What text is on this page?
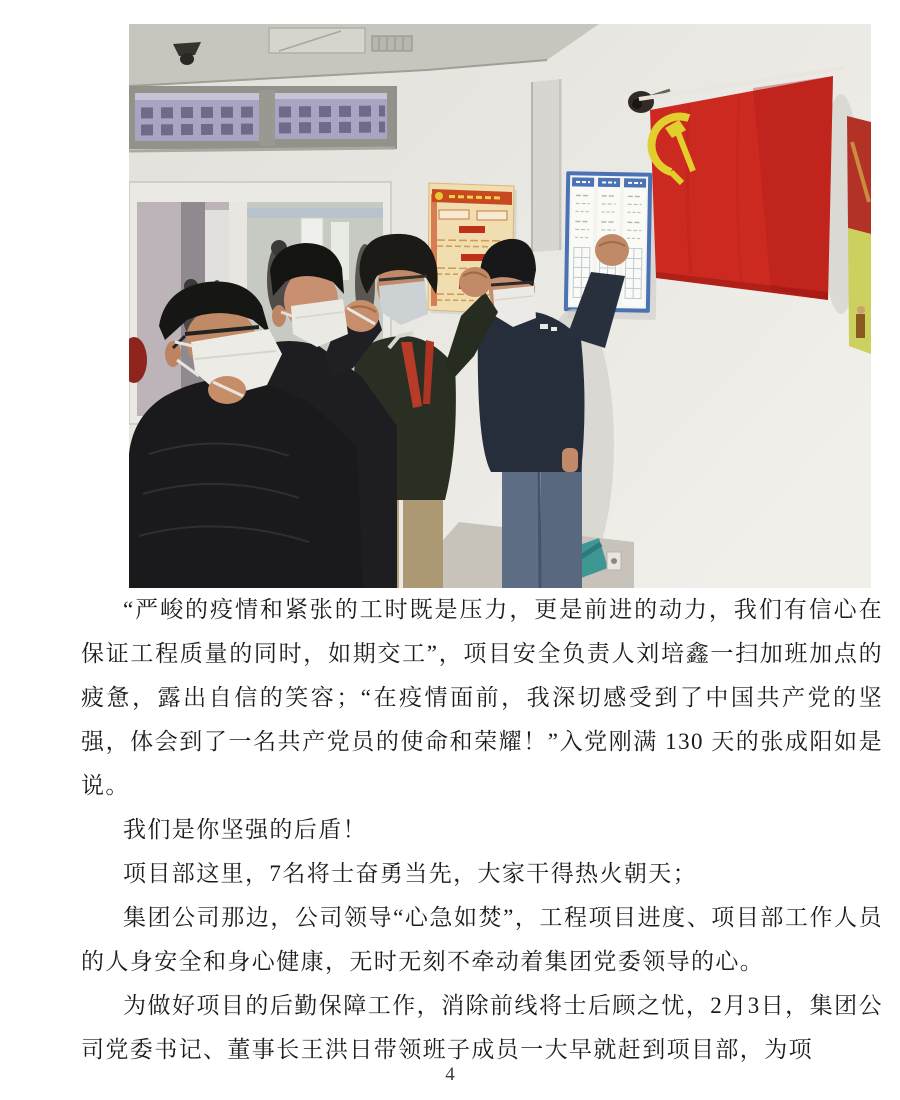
“严峻的疫情和紧张的工时既是压力，更是前进的动力，我们有信心在保证工程质量的同时，如期交工”，项目安全负责人刘培鑫一扫加班加点的疲惫，露出自信的笑容；“在疫情面前，我深切感受到了中国共产党的坚强，体会到了一名共产党员的使命和荣耀！”入党刚满 130 天的张成阳如是说。

我们是你坚强的后盾！

项目部这里，7名将士奋勇当先，大家干得热火朝天；

集团公司那边，公司领导“心急如焚”，工程项目进度、项目部工作人员的人身安全和身心健康，无时无刻不牵动着集团党委领导的心。

为做好项目的后勤保障工作，消除前线将士后顾之忧，2月3日，集团公司党委书记、董事长王洪日带领班子成员一大早就赶到项目部，为项

4
